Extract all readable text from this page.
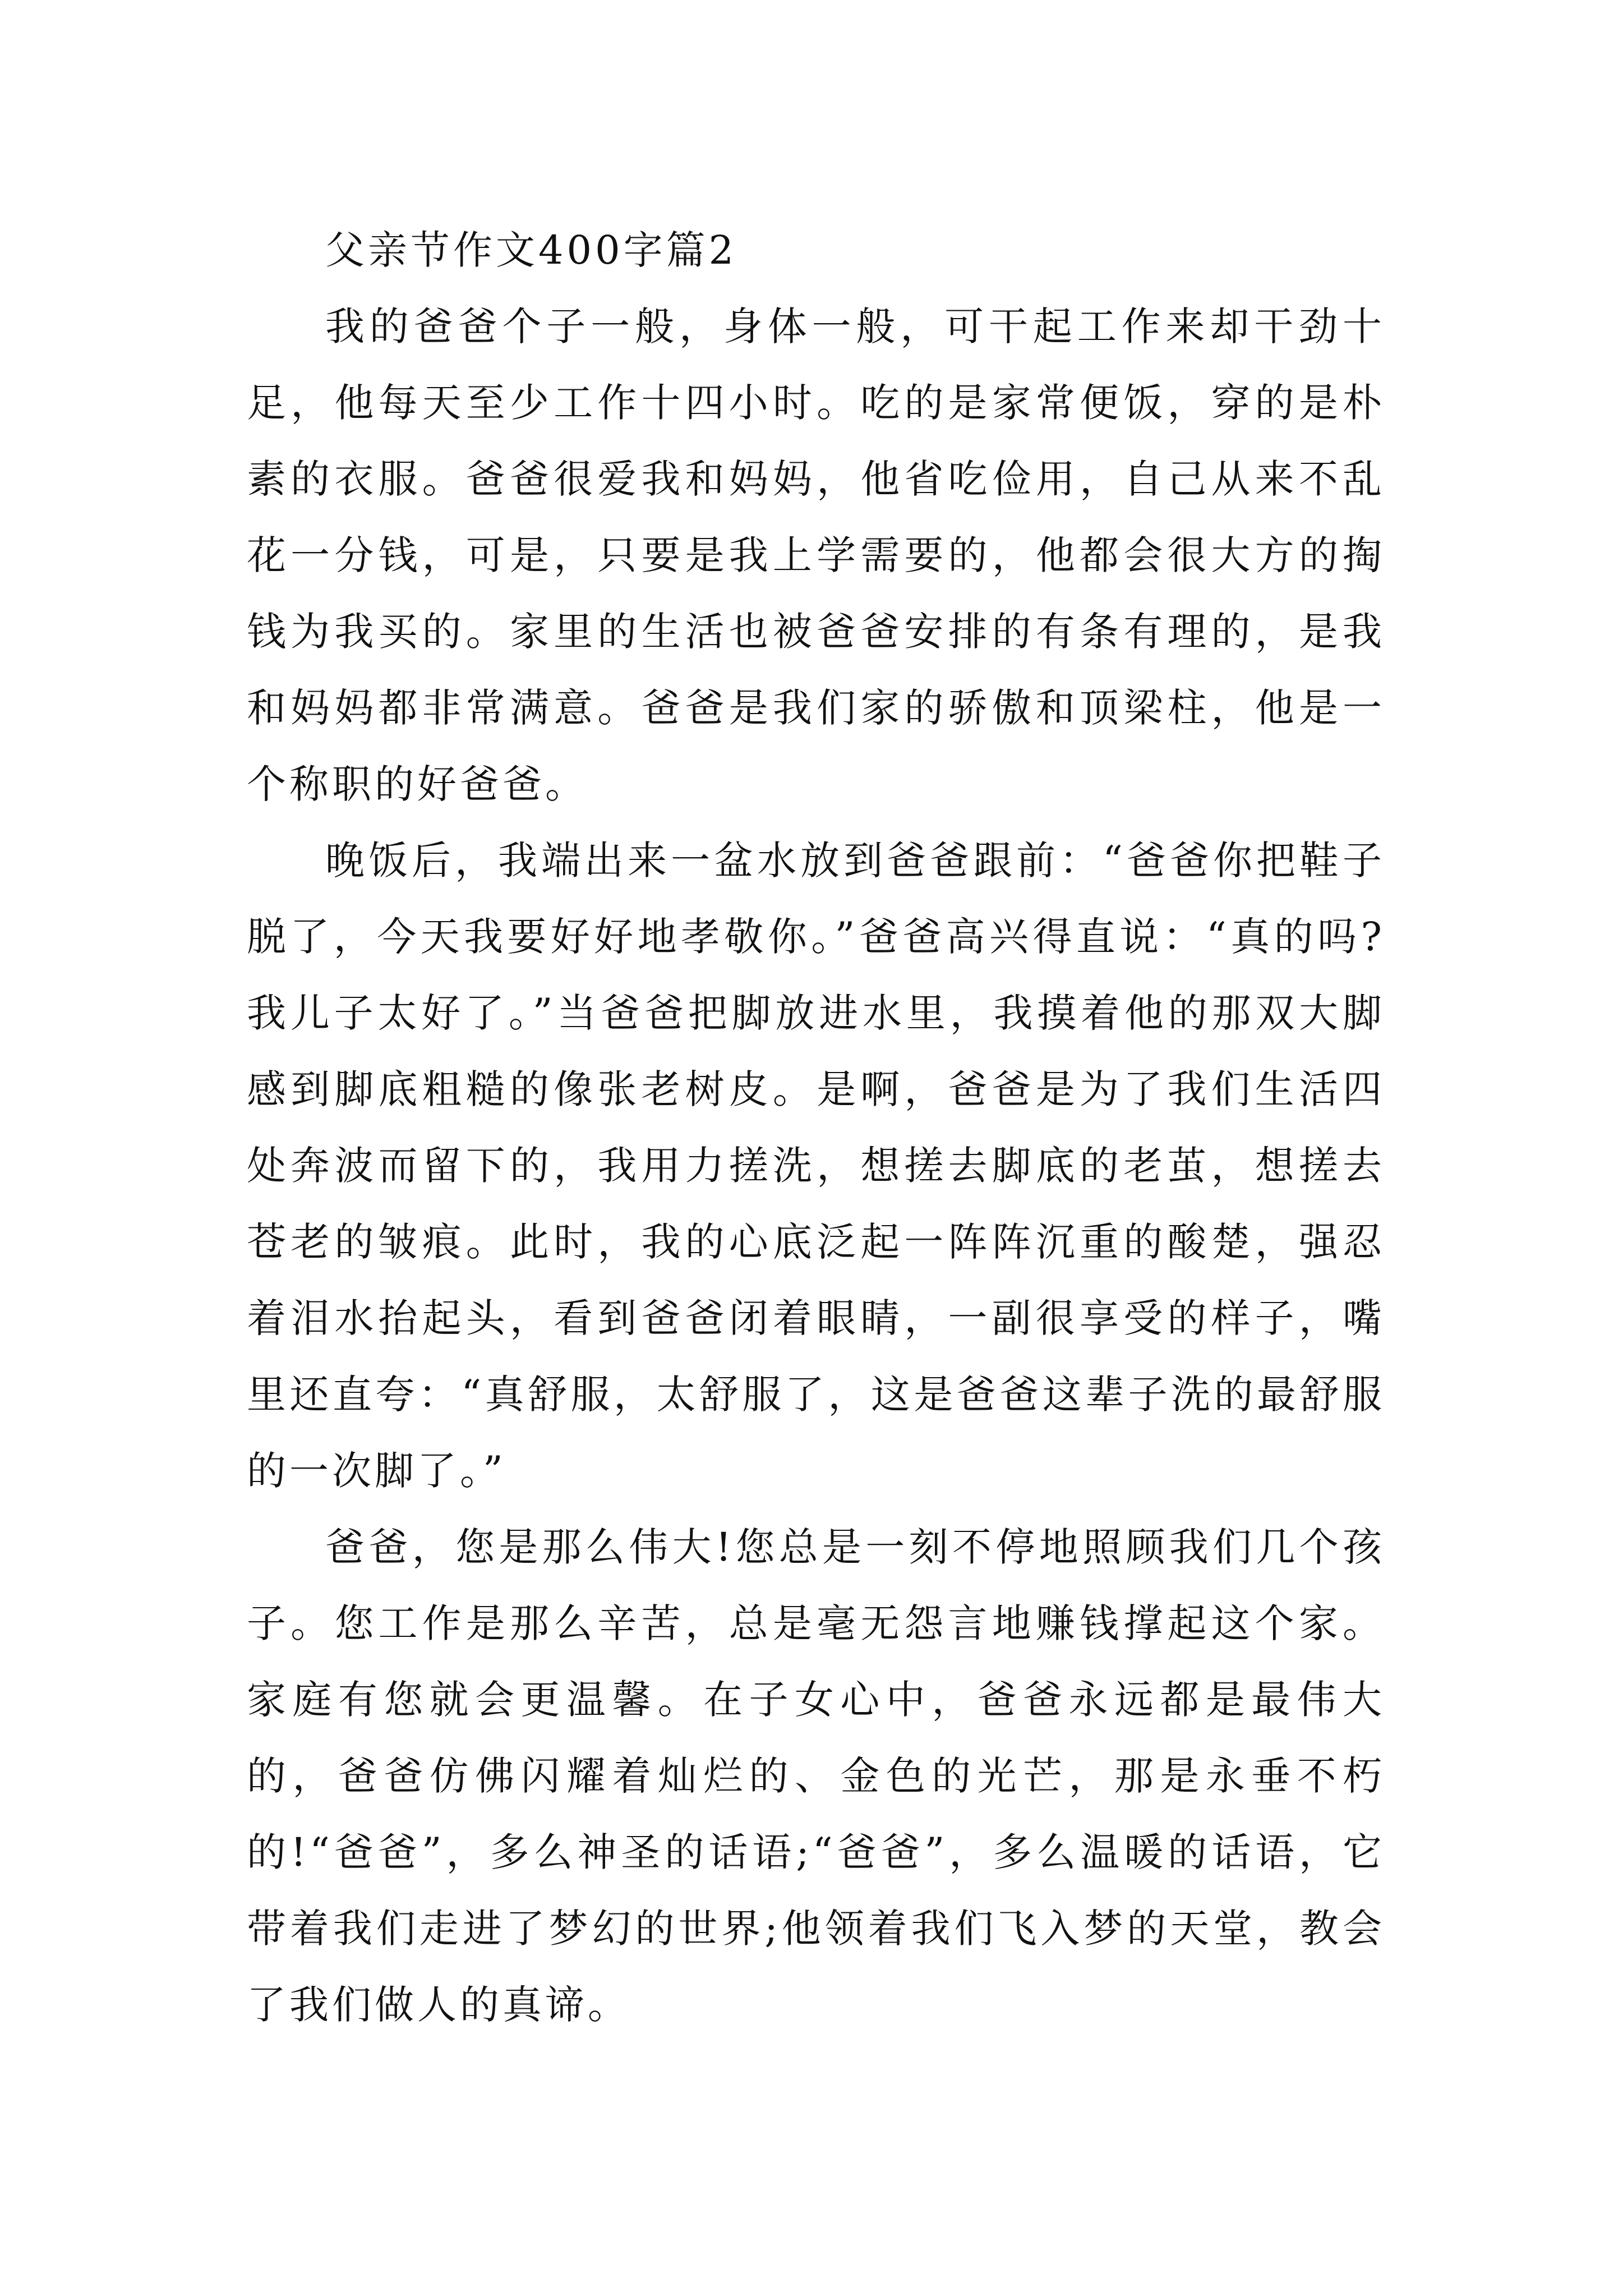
父亲节作文400字篇2

我的爸爸个子一般，身体一般，可干起工作来却干劲十足，他每天至少工作十四小时。吃的是家常便饭，穿的是朴素的衣服。爸爸很爱我和妈妈，他省吃俭用，自己从来不乱花一分钱，可是，只要是我上学需要的，他都会很大方的掏钱为我买的。家里的生活也被爸爸安排的有条有理的，是我和妈妈都非常满意。爸爸是我们家的骄傲和顶梁柱，他是一个称职的好爸爸。

晚饭后，我端出来一盆水放到爸爸跟前：“爸爸你把鞋子脱了，今天我要好好地孝敬你。”爸爸高兴得直说：“真的吗?我儿子太好了。”当爸爸把脚放进水里，我摸着他的那双大脚感到脚底粗糙的像张老树皮。是啊，爸爸是为了我们生活四处奔波而留下的，我用力搓洗，想搓去脚底的老茧，想搓去苍老的皱痕。此时，我的心底泛起一阵阵沉重的酸楚，强忍着泪水抬起头，看到爸爸闭着眼睛，一副很享受的样子，嘴里还直夸：“真舒服，太舒服了，这是爸爸这辈子洗的最舒服的一次脚了。”

爸爸，您是那么伟大!您总是一刻不停地照顾我们几个孩子。您工作是那么辛苦，总是毫无怨言地赚钱撑起这个家。家庭有您就会更温馨。在子女心中，爸爸永远都是最伟大的，爸爸仿佛闪耀着灿烂的、金色的光芒，那是永垂不朽的!“爸爸”，多么神圣的话语;“爸爸”，多么温暖的话语，它带着我们走进了梦幻的世界;他领着我们飞入梦的天堂，教会了我们做人的真谛。
